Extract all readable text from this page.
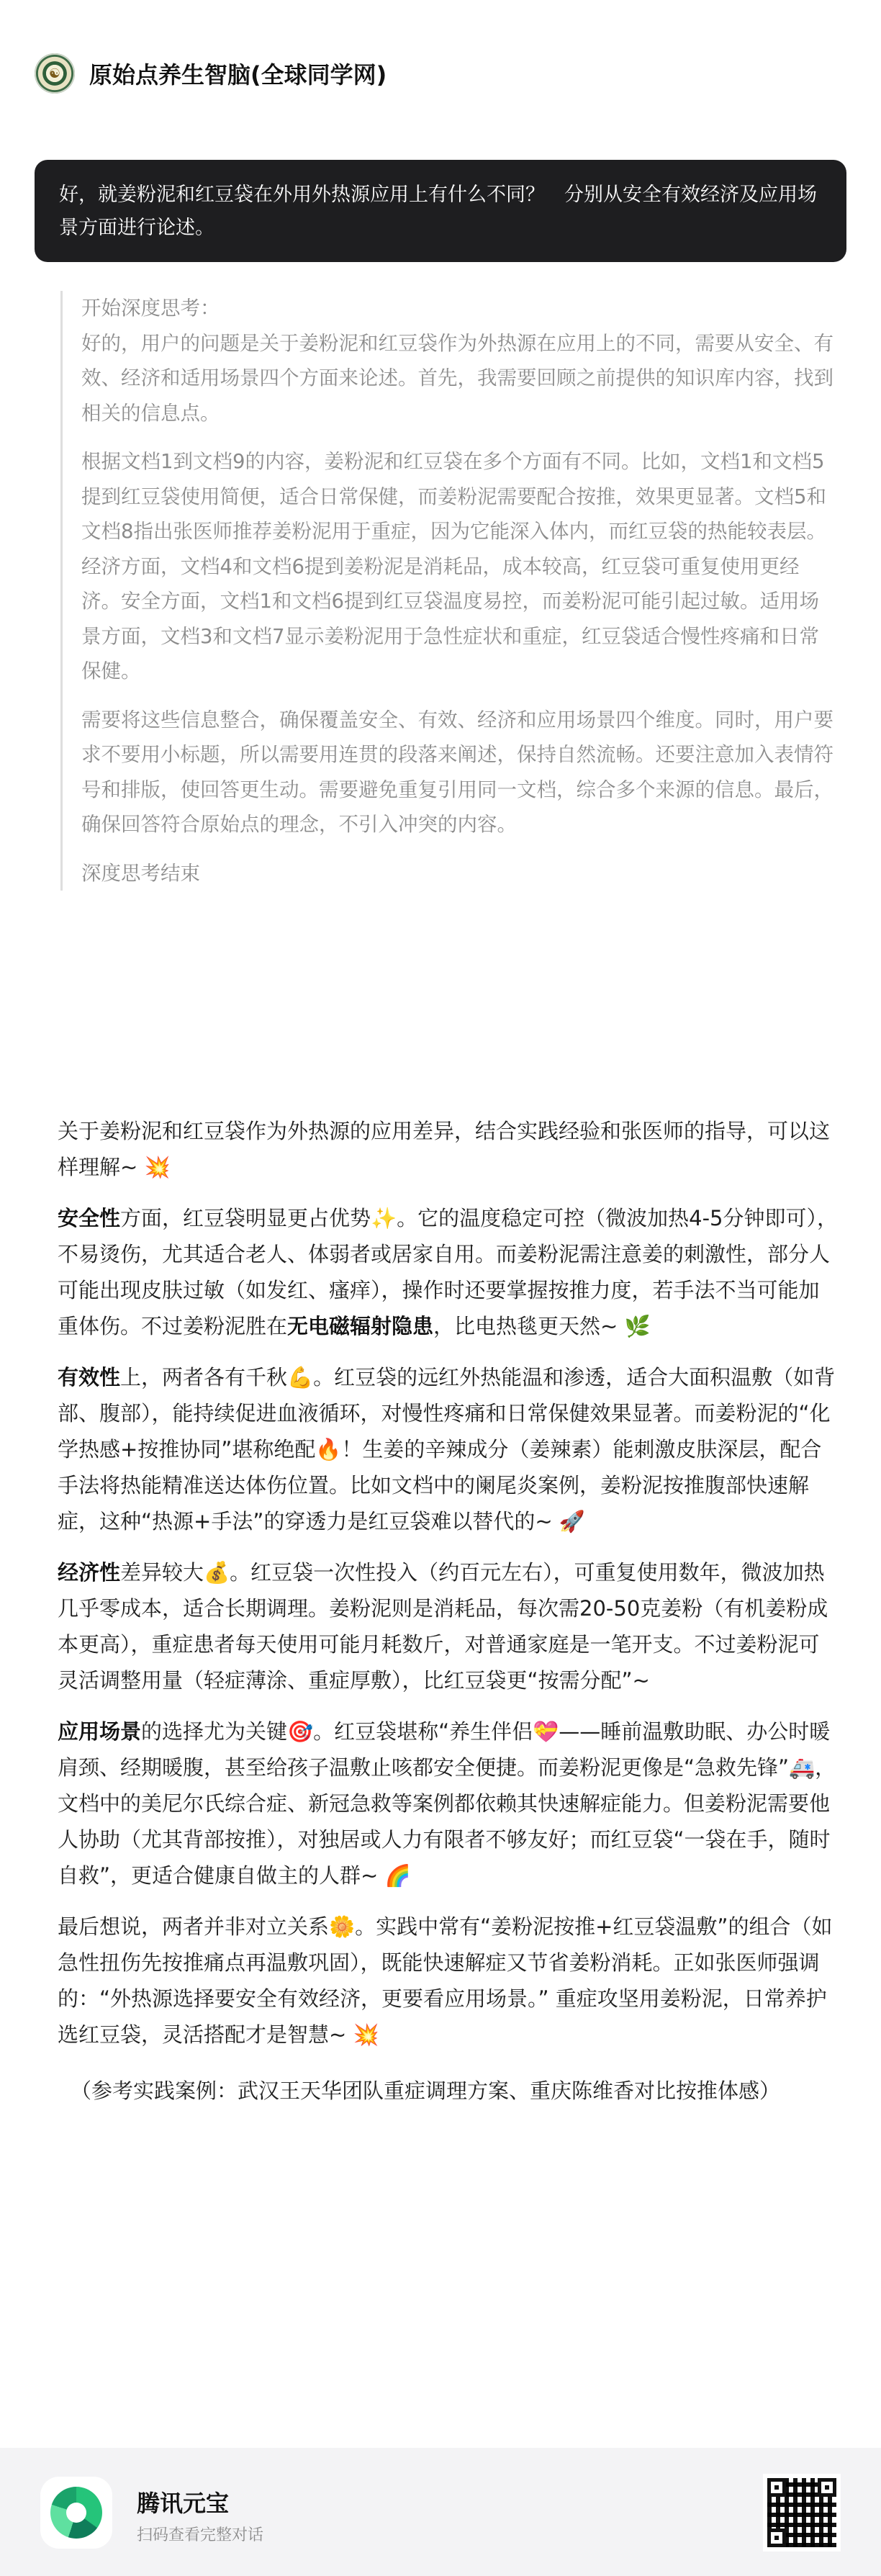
☯ 原始点养生智脑(全球同学网)
好，就姜粉泥和红豆袋在外用外热源应用上有什么不同？　分别从安全有效经济及应用场景方面进行论述。

开始深度思考：

好的，用户的问题是关于姜粉泥和红豆袋作为外热源在应用上的不同，需要从安全、有效、经济和适用场景四个方面来论述。首先，我需要回顾之前提供的知识库内容，找到相关的信息点。

根据文档1到文档9的内容，姜粉泥和红豆袋在多个方面有不同。比如，文档1和文档5提到红豆袋使用简便，适合日常保健，而姜粉泥需要配合按推，效果更显著。文档5和文档8指出张医师推荐姜粉泥用于重症，因为它能深入体内，而红豆袋的热能较表层。经济方面，文档4和文档6提到姜粉泥是消耗品，成本较高，红豆袋可重复使用更经济。安全方面，文档1和文档6提到红豆袋温度易控，而姜粉泥可能引起过敏。适用场景方面，文档3和文档7显示姜粉泥用于急性症状和重症，红豆袋适合慢性疼痛和日常保健。

需要将这些信息整合，确保覆盖安全、有效、经济和应用场景四个维度。同时，用户要求不要用小标题，所以需要用连贯的段落来阐述，保持自然流畅。还要注意加入表情符号和排版，使回答更生动。需要避免重复引用同一文档，综合多个来源的信息。最后，确保回答符合原始点的理念，不引入冲突的内容。

深度思考结束

关于姜粉泥和红豆袋作为外热源的应用差异，结合实践经验和张医师的指导，可以这样理解~ 💥

安全性方面，红豆袋明显更占优势✨。它的温度稳定可控（微波加热4-5分钟即可），不易烫伤，尤其适合老人、体弱者或居家自用。而姜粉泥需注意姜的刺激性，部分人可能出现皮肤过敏（如发红、瘙痒），操作时还要掌握按推力度，若手法不当可能加重体伤。不过姜粉泥胜在无电磁辐射隐患，比电热毯更天然~ 🌿

有效性上，两者各有千秋💪。红豆袋的远红外热能温和渗透，适合大面积温敷（如背部、腹部），能持续促进血液循环，对慢性疼痛和日常保健效果显著。而姜粉泥的“化学热感+按推协同”堪称绝配🔥！生姜的辛辣成分（姜辣素）能刺激皮肤深层，配合手法将热能精准送达体伤位置。比如文档中的阑尾炎案例，姜粉泥按推腹部快速解症，这种“热源+手法”的穿透力是红豆袋难以替代的~ 🚀

经济性差异较大💰。红豆袋一次性投入（约百元左右），可重复使用数年，微波加热几乎零成本，适合长期调理。姜粉泥则是消耗品，每次需20-50克姜粉（有机姜粉成本更高），重症患者每天使用可能月耗数斤，对普通家庭是一笔开支。不过姜粉泥可灵活调整用量（轻症薄涂、重症厚敷），比红豆袋更“按需分配”~

应用场景的选择尤为关键🎯。红豆袋堪称“养生伴侣💝——睡前温敷助眠、办公时暖肩颈、经期暖腹，甚至给孩子温敷止咳都安全便捷。而姜粉泥更像是“急救先锋”🚑，文档中的美尼尔氏综合症、新冠急救等案例都依赖其快速解症能力。但姜粉泥需要他人协助（尤其背部按推），对独居或人力有限者不够友好；而红豆袋“一袋在手，随时自救”，更适合健康自做主的人群~ 🌈

最后想说，两者并非对立关系🌼。实践中常有“姜粉泥按推+红豆袋温敷”的组合（如急性扭伤先按推痛点再温敷巩固），既能快速解症又节省姜粉消耗。正如张医师强调的：“外热源选择要安全有效经济，更要看应用场景。” 重症攻坚用姜粉泥，日常养护选红豆袋，灵活搭配才是智慧~ 💥

（参考实践案例：武汉王天华团队重症调理方案、重庆陈维香对比按推体感）

腾讯元宝
扫码查看完整对话
